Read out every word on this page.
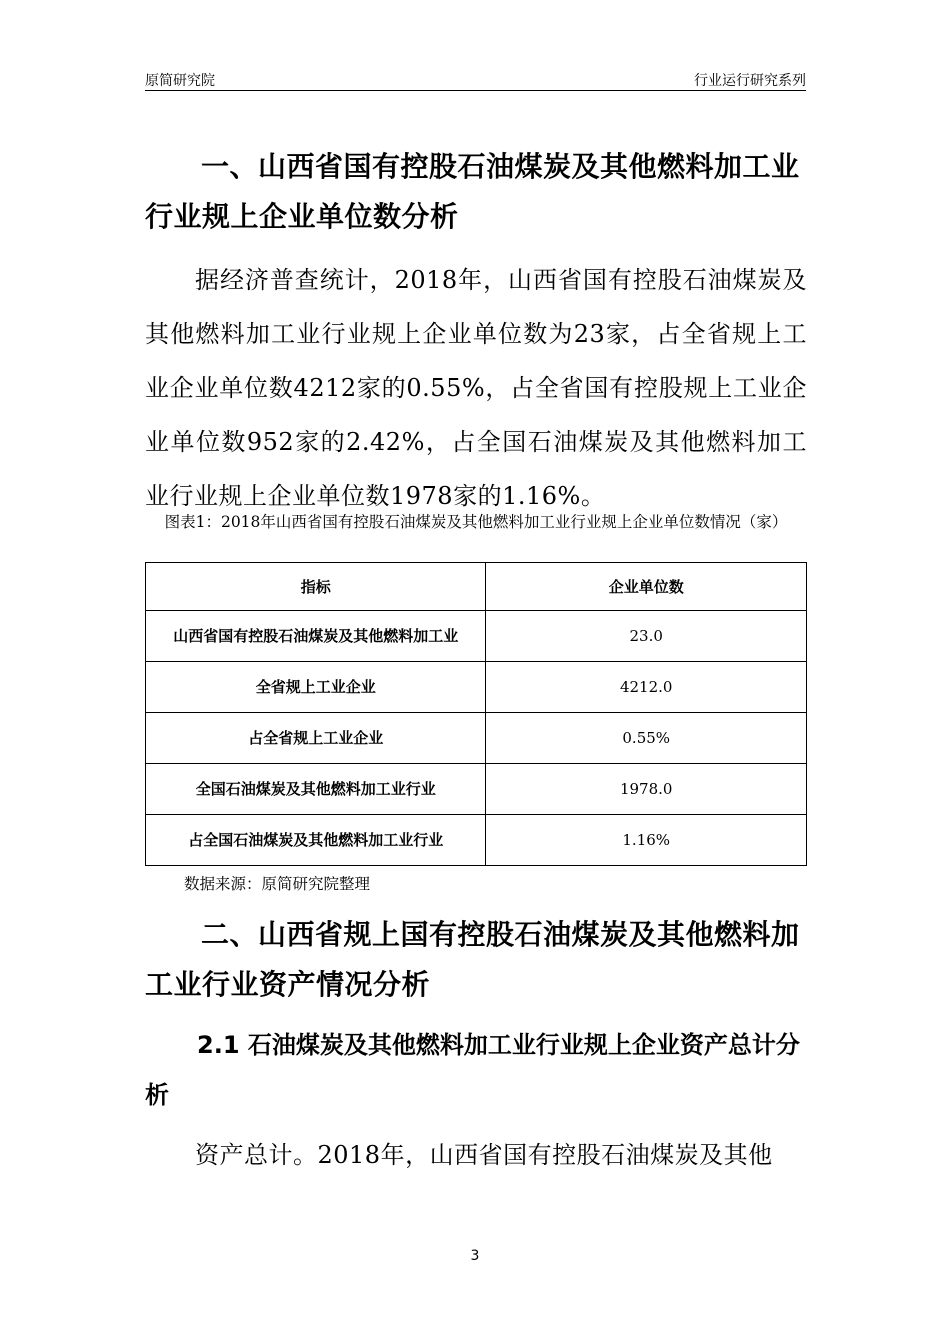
原简研究院	行业运行研究系列

一、山西省国有控股石油煤炭及其他燃料加工业行业规上企业单位数分析

据经济普查统计，2018年，山西省国有控股石油煤炭及其他燃料加工业行业规上企业单位数为23家，占全省规上工业企业单位数4212家的0.55%，占全省国有控股规上工业企业单位数952家的2.42%，占全国石油煤炭及其他燃料加工业行业规上企业单位数1978家的1.16%。

图表1：2018年山西省国有控股石油煤炭及其他燃料加工业行业规上企业单位数情况（家）

指标	企业单位数
山西省国有控股石油煤炭及其他燃料加工业	23.0
全省规上工业企业	4212.0
占全省规上工业企业	0.55%
全国石油煤炭及其他燃料加工业行业	1978.0
占全国石油煤炭及其他燃料加工业行业	1.16%
数据来源：原简研究院整理

二、山西省规上国有控股石油煤炭及其他燃料加工业行业资产情况分析

2.1 石油煤炭及其他燃料加工业行业规上企业资产总计分析

资产总计。2018年，山西省国有控股石油煤炭及其他

3
